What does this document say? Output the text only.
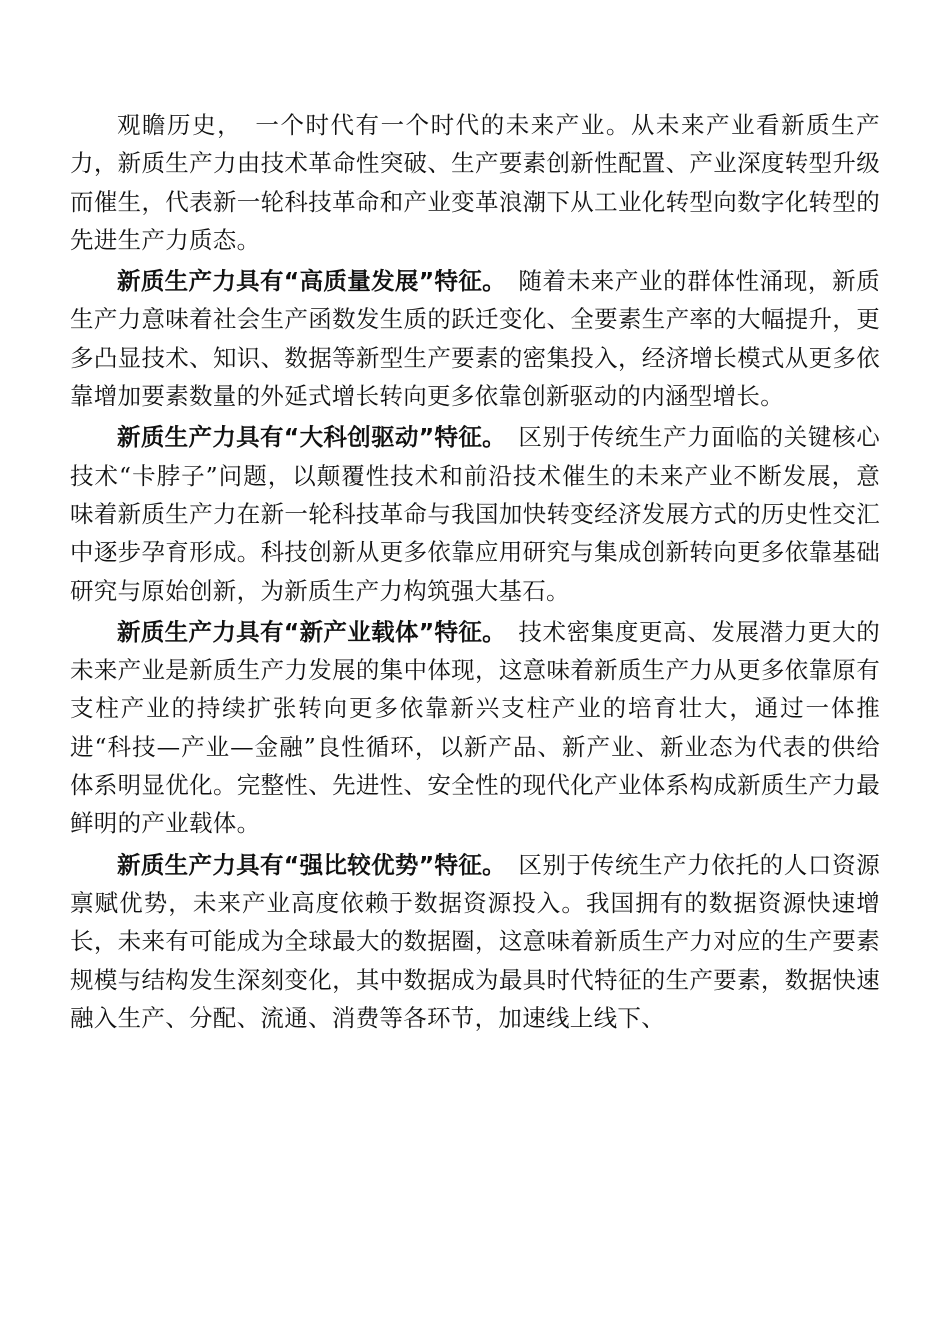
观瞻历史，　一个时代有一个时代的未来产业。从未来产业看新质生产力，新质生产力由技术革命性突破、生产要素创新性配置、产业深度转型升级而催生，代表新一轮科技革命和产业变革浪潮下从工业化转型向数字化转型的先进生产力质态。

新质生产力具有“高质量发展”特征。　随着未来产业的群体性涌现，新质生产力意味着社会生产函数发生质的跃迁变化、全要素生产率的大幅提升，更多凸显技术、知识、数据等新型生产要素的密集投入，经济增长模式从更多依靠增加要素数量的外延式增长转向更多依靠创新驱动的内涵型增长。

新质生产力具有“大科创驱动”特征。　区别于传统生产力面临的关键核心技术“卡脖子”问题，以颠覆性技术和前沿技术催生的未来产业不断发展，意味着新质生产力在新一轮科技革命与我国加快转变经济发展方式的历史性交汇中逐步孕育形成。科技创新从更多依靠应用研究与集成创新转向更多依靠基础研究与原始创新，为新质生产力构筑强大基石。

新质生产力具有“新产业载体”特征。　技术密集度更高、发展潜力更大的未来产业是新质生产力发展的集中体现，这意味着新质生产力从更多依靠原有支柱产业的持续扩张转向更多依靠新兴支柱产业的培育壮大，通过一体推进“科技—产业—金融”良性循环，以新产品、新产业、新业态为代表的供给体系明显优化。完整性、先进性、安全性的现代化产业体系构成新质生产力最鲜明的产业载体。

新质生产力具有“强比较优势”特征。　区别于传统生产力依托的人口资源禀赋优势，未来产业高度依赖于数据资源投入。我国拥有的数据资源快速增长，未来有可能成为全球最大的数据圈，这意味着新质生产力对应的生产要素规模与结构发生深刻变化，其中数据成为最具时代特征的生产要素，数据快速融入生产、分配、流通、消费等各环节，加速线上线下、
